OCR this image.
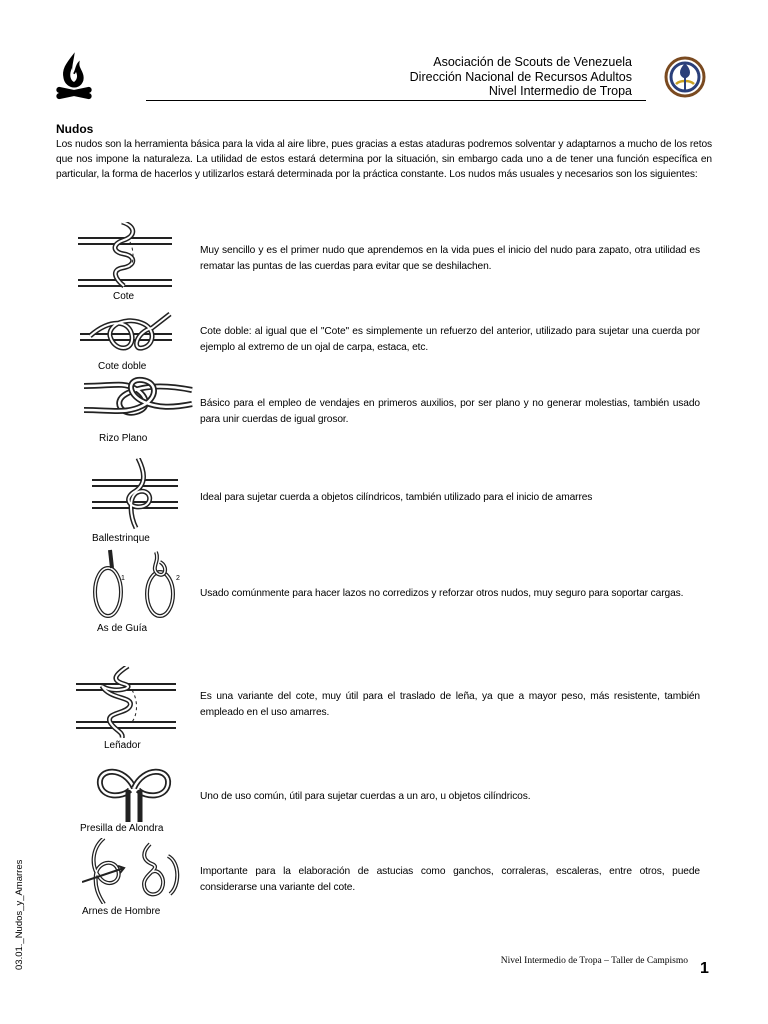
Asociación de Scouts de Venezuela
Dirección Nacional de Recursos Adultos
Nivel Intermedio de Tropa
Nudos
Los nudos son la herramienta básica para la vida al aire libre, pues gracias a estas ataduras podremos solventar y adaptarnos a mucho de los retos que nos impone la naturaleza. La utilidad de estos estará determina por la situación, sin embargo cada uno a de tener una función específica en particular, la forma de hacerlos y utilizarlos estará determinada por la práctica constante. Los nudos más usuales y necesarios son los siguientes:
Cote
Muy sencillo y es el primer nudo que aprendemos en la vida pues el inicio del nudo para zapato, otra utilidad es rematar las puntas de las cuerdas para evitar que se deshilachen.
Cote doble
Cote doble: al igual que el "Cote" es simplemente un refuerzo del anterior, utilizado para sujetar una cuerda por ejemplo al extremo de un ojal de carpa, estaca, etc.
Rizo Plano
Básico para el empleo de vendajes en primeros auxilios, por ser plano y no generar molestias, también usado para unir cuerdas de igual grosor.
Ballestrinque
Ideal para sujetar cuerda a objetos cilíndricos, también utilizado para el inicio de amarres
1	2
As de Guía
Usado comúnmente para hacer lazos no corredizos y reforzar otros nudos, muy seguro para soportar cargas.
Leñador
Es una variante del cote, muy útil para el traslado de leña, ya que a mayor peso, más resistente, también empleado en el uso amarres.
Presilla de Alondra
Uno de uso común, útil para sujetar cuerdas a un aro, u objetos cilíndricos.
Arnes de Hombre
Importante para la elaboración de astucias como ganchos, corraleras, escaleras, entre otros, puede considerarse una variante del cote.
03.01._Nudos_y_Amarres	Nivel Intermedio de Tropa – Taller de Campismo 1
